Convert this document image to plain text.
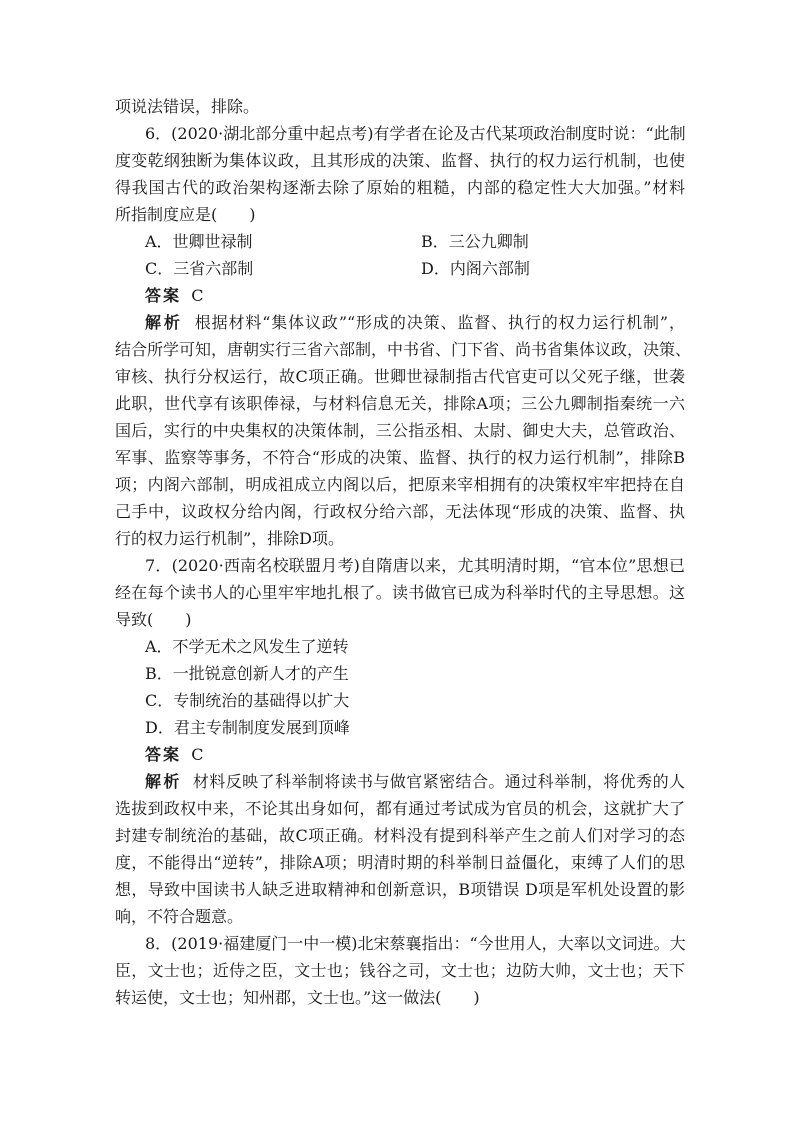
项说法错误，排除。
6．(2020·湖北部分重中起点考)有学者在论及古代某项政治制度时说：“此制
度变乾纲独断为集体议政，且其形成的决策、监督、执行的权力运行机制，也使
得我国古代的政治架构逐渐去除了原始的粗糙，内部的稳定性大大加强。”材料
所指制度应是(　　)
A．世卿世禄制	B．三公九卿制
C．三省六部制	D．内阁六部制
答案 C
解析 根据材料“集体议政”“形成的决策、监督、执行的权力运行机制”，
结合所学可知，唐朝实行三省六部制，中书省、门下省、尚书省集体议政，决策、
审核、执行分权运行，故C项正确。世卿世禄制指古代官吏可以父死子继，世袭
此职，世代享有该职俸禄，与材料信息无关，排除A项；三公九卿制指秦统一六
国后，实行的中央集权的决策体制，三公指丞相、太尉、御史大夫，总管政治、
军事、监察等事务，不符合“形成的决策、监督、执行的权力运行机制”，排除B
项；内阁六部制，明成祖成立内阁以后，把原来宰相拥有的决策权牢牢把持在自
己手中，议政权分给内阁，行政权分给六部，无法体现“形成的决策、监督、执
行的权力运行机制”，排除D项。
7．(2020·西南名校联盟月考)自隋唐以来，尤其明清时期，“官本位”思想已
经在每个读书人的心里牢牢地扎根了。读书做官已成为科举时代的主导思想。这
导致(　　)
A．不学无术之风发生了逆转
B．一批锐意创新人才的产生
C．专制统治的基础得以扩大
D．君主专制制度发展到顶峰
答案 C
解析 材料反映了科举制将读书与做官紧密结合。通过科举制，将优秀的人
选拔到政权中来，不论其出身如何，都有通过考试成为官员的机会，这就扩大了
封建专制统治的基础，故C项正确。材料没有提到科举产生之前人们对学习的态
度，不能得出“逆转”，排除A项；明清时期的科举制日益僵化，束缚了人们的思
想，导致中国读书人缺乏进取精神和创新意识，B项错误 D项是军机处设置的影
响，不符合题意。
8．(2019·福建厦门一中一模)北宋蔡襄指出：“今世用人，大率以文词进。大
臣，文士也；近侍之臣，文士也；钱谷之司，文士也；边防大帅，文士也；天下
转运使，文士也；知州郡，文士也。”这一做法(　　)
